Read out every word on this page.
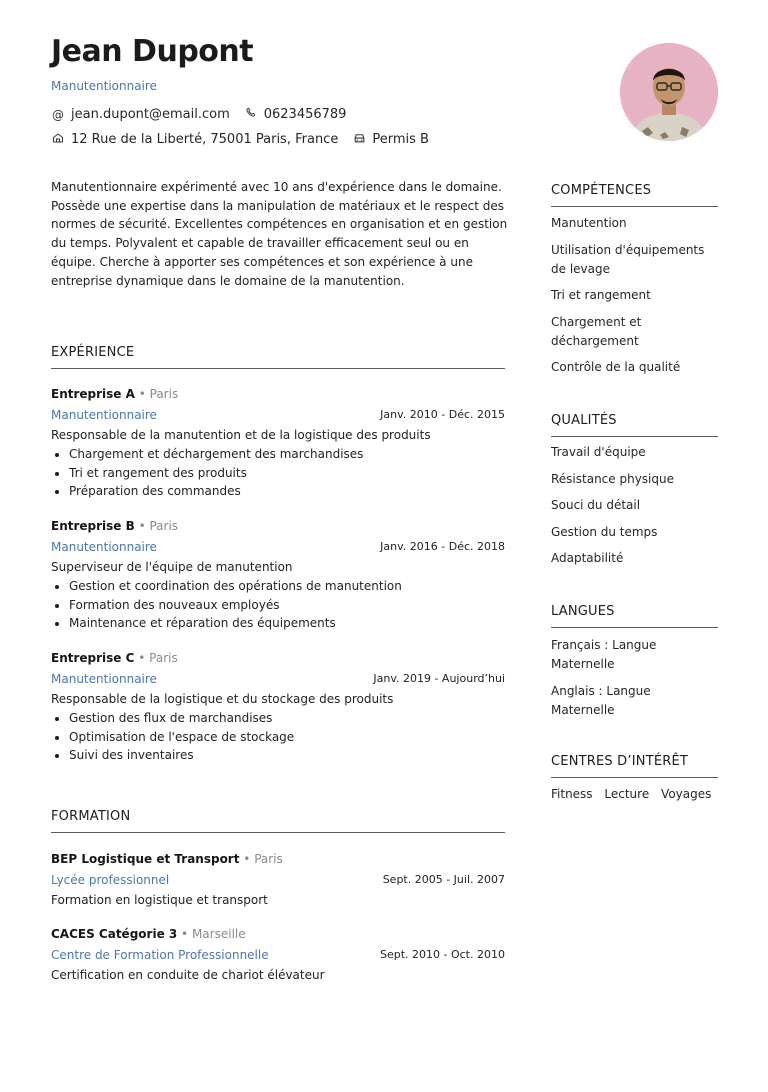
Jean Dupont
Manutentionnaire
@ jean.dupont@email.com	0623456789
12 Rue de la Liberté, 75001 Paris, France	Permis B
Manutentionnaire expérimenté avec 10 ans d'expérience dans le domaine. Possède une expertise dans la manipulation de matériaux et le respect des normes de sécurité. Excellentes compétences en organisation et en gestion du temps. Polyvalent et capable de travailler efficacement seul ou en équipe. Cherche à apporter ses compétences et son expérience à une entreprise dynamique dans le domaine de la manutention.
EXPÉRIENCE
Entreprise A • Paris
Manutentionnaire	Janv. 2010 - Déc. 2015
Responsable de la manutention et de la logistique des produits
Chargement et déchargement des marchandises
Tri et rangement des produits
Préparation des commandes
Entreprise B • Paris
Manutentionnaire	Janv. 2016 - Déc. 2018
Superviseur de l'équipe de manutention
Gestion et coordination des opérations de manutention
Formation des nouveaux employés
Maintenance et réparation des équipements
Entreprise C • Paris
Manutentionnaire	Janv. 2019 - Aujourd’hui
Responsable de la logistique et du stockage des produits
Gestion des flux de marchandises
Optimisation de l'espace de stockage
Suivi des inventaires
FORMATION
BEP Logistique et Transport • Paris
Lycée professionnel	Sept. 2005 - Juil. 2007
Formation en logistique et transport
CACES Catégorie 3 • Marseille
Centre de Formation Professionnelle	Sept. 2010 - Oct. 2010
Certification en conduite de chariot élévateur
COMPÉTENCES
Manutention
Utilisation d'équipements de levage
Tri et rangement
Chargement et déchargement
Contrôle de la qualité
QUALITÉS
Travail d'équipe
Résistance physique
Souci du détail
Gestion du temps
Adaptabilité
LANGUES
Français : Langue Maternelle
Anglais : Langue Maternelle
CENTRES D’INTÉRÊT
Fitness Lecture Voyages
